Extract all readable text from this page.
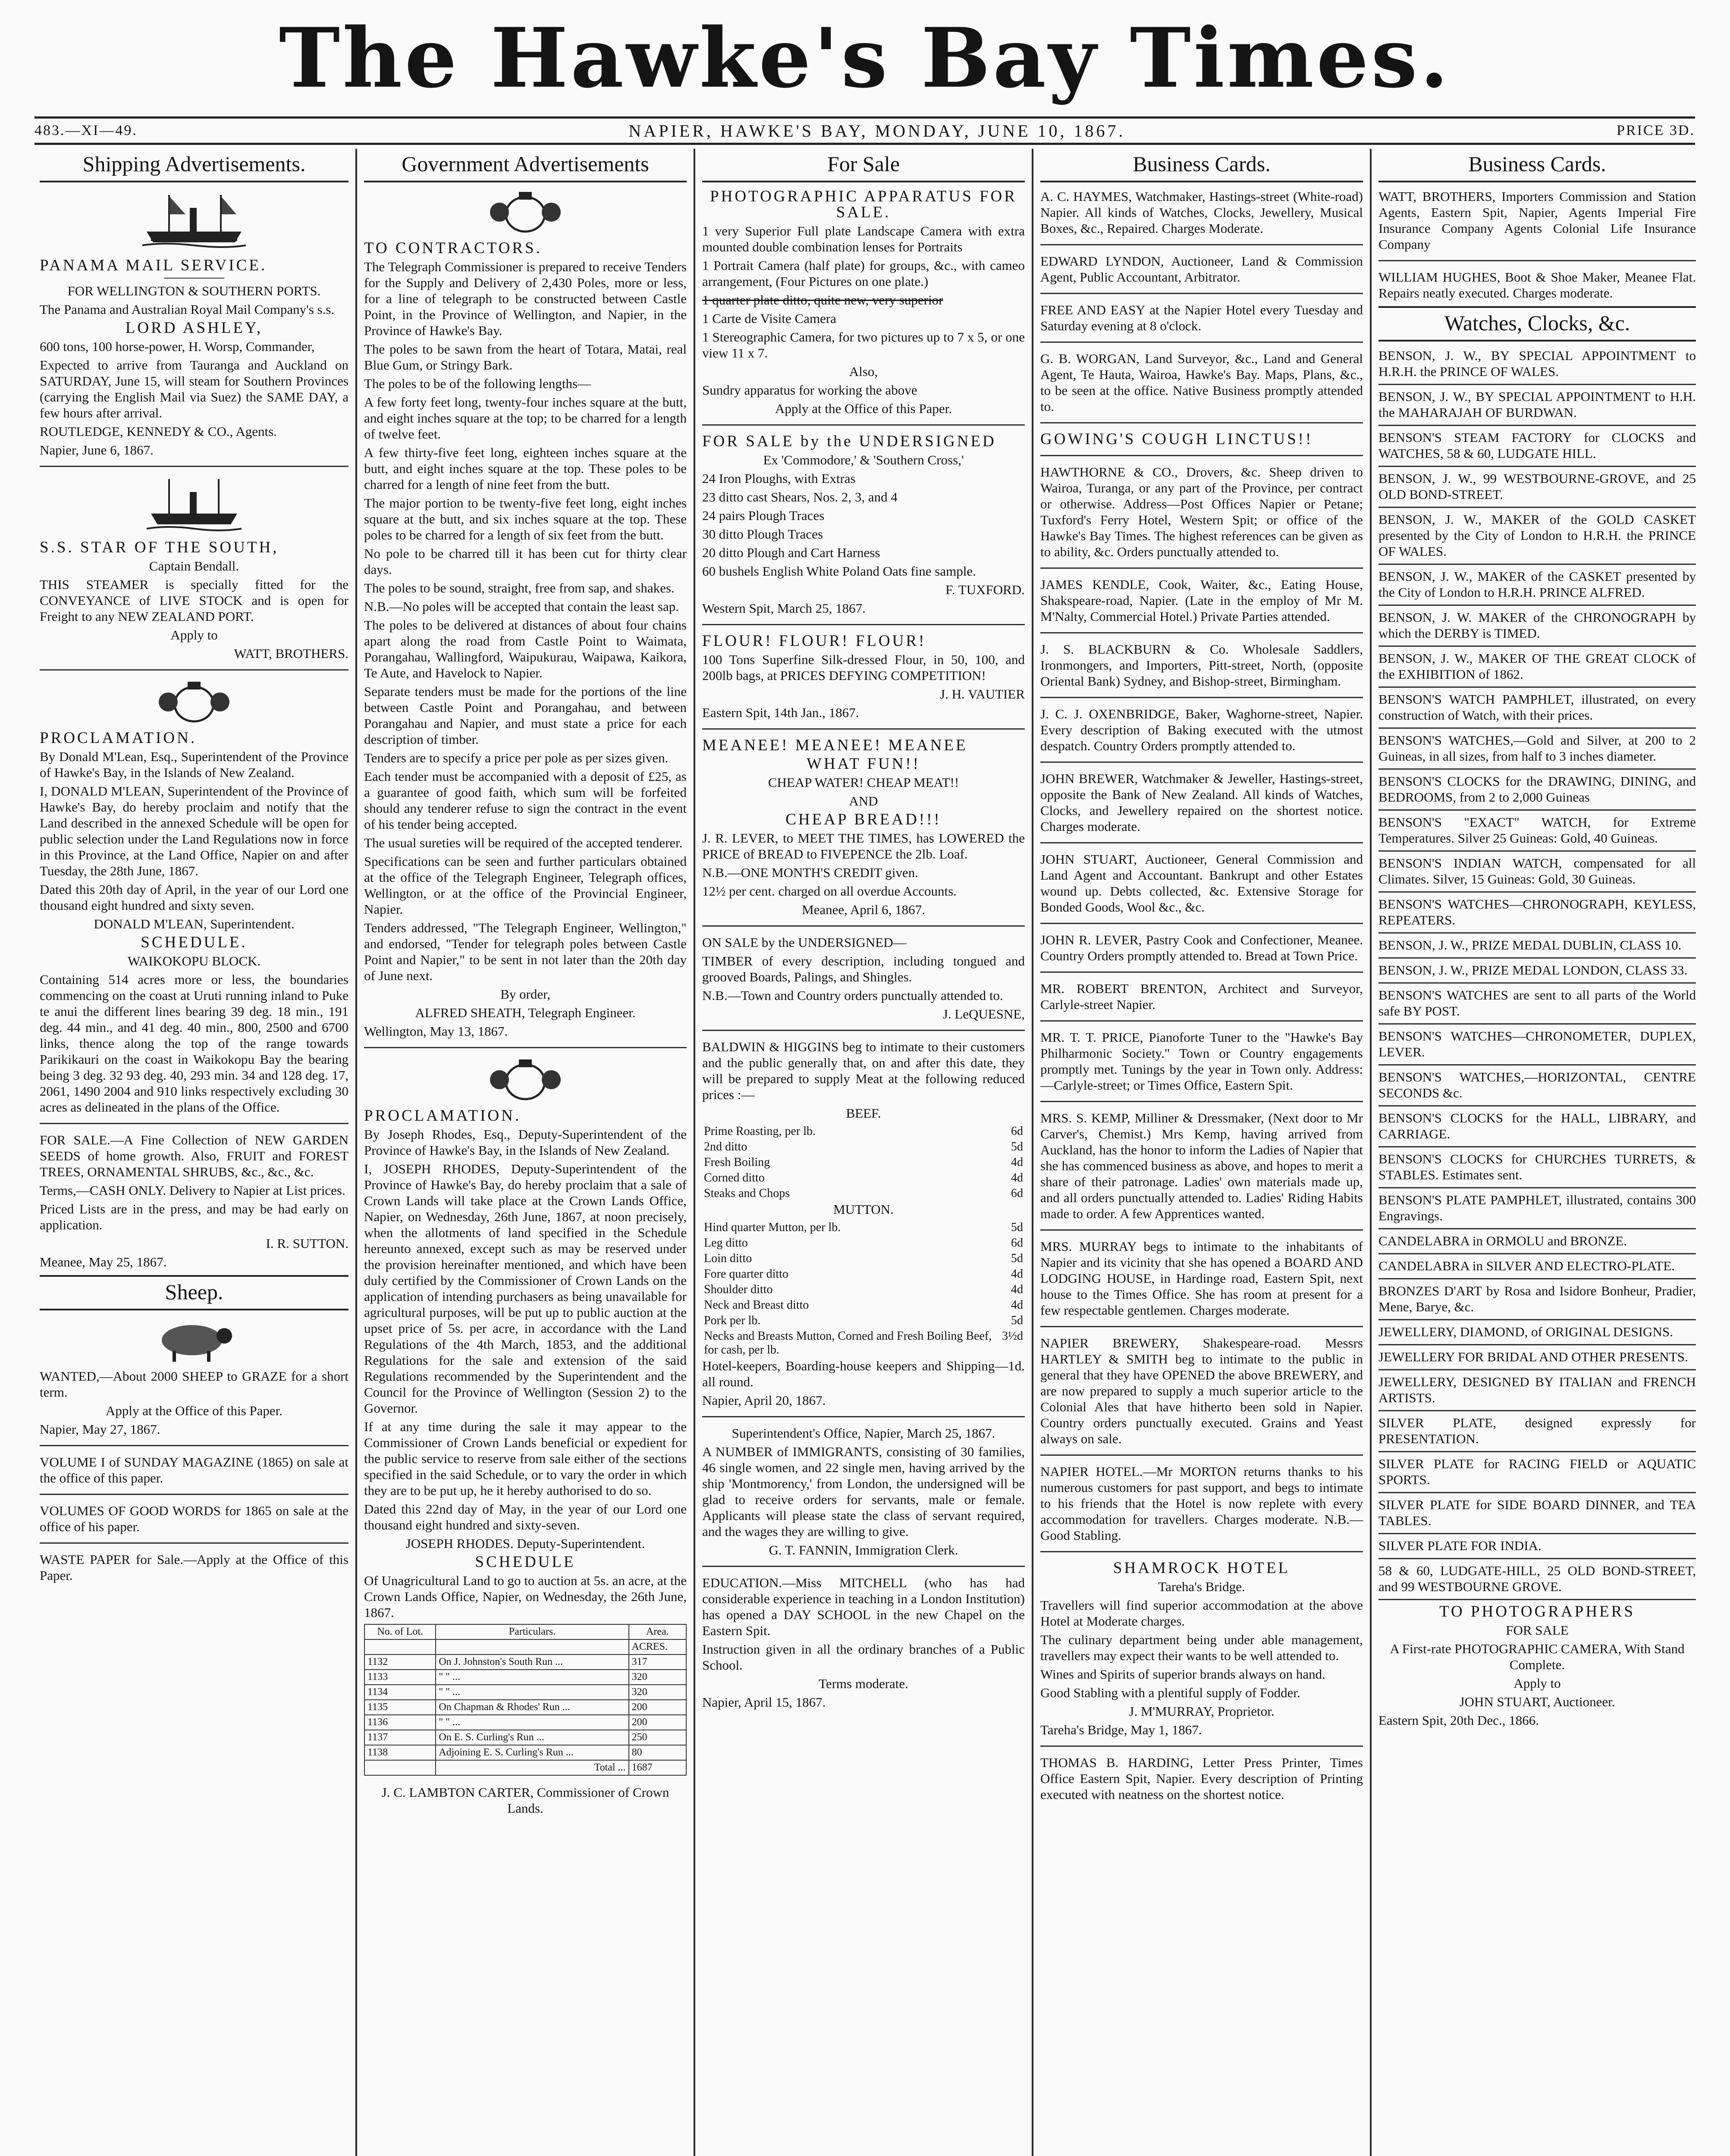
The Hawke's Bay Times.
483.—XI—49.	NAPIER, HAWKE'S BAY, MONDAY, JUNE 10, 1867.	PRICE 3D.
Shipping Advertisements.

PANAMA MAIL SERVICE.

FOR WELLINGTON & SOUTHERN PORTS.

The Panama and Australian Royal Mail Company's s.s.

LORD ASHLEY,

600 tons, 100 horse-power, H. Worsp, Commander,

Expected to arrive from Tauranga and Auckland on SATURDAY, June 15, will steam for Southern Provinces (carrying the English Mail via Suez) the SAME DAY, a few hours after arrival.

ROUTLEDGE, KENNEDY & CO., Agents.

Napier, June 6, 1867.

S.S. STAR OF THE SOUTH,

Captain Bendall.

THIS STEAMER is specially fitted for the CONVEYANCE of LIVE STOCK and is open for Freight to any NEW ZEALAND PORT.

Apply to

WATT, BROTHERS.

PROCLAMATION.

By Donald M'Lean, Esq., Superintendent of the Province of Hawke's Bay, in the Islands of New Zealand.

I, DONALD M'LEAN, Superintendent of the Province of Hawke's Bay, do hereby proclaim and notify that the Land described in the annexed Schedule will be open for public selection under the Land Regulations now in force in this Province, at the Land Office, Napier on and after Tuesday, the 28th June, 1867.

Dated this 20th day of April, in the year of our Lord one thousand eight hundred and sixty seven.

DONALD M'LEAN, Superintendent.

SCHEDULE.

WAIKOKOPU BLOCK.

Containing 514 acres more or less, the boundaries commencing on the coast at Uruti running inland to Puke te anui the different lines bearing 39 deg. 18 min., 191 deg. 44 min., and 41 deg. 40 min., 800, 2500 and 6700 links, thence along the top of the range towards Parikikauri on the coast in Waikokopu Bay the bearing being 3 deg. 32 93 deg. 40, 293 min. 34 and 128 deg. 17, 2061, 1490 2004 and 910 links respectively excluding 30 acres as delineated in the plans of the Office.

FOR SALE.—A Fine Collection of NEW GARDEN SEEDS of home growth. Also, FRUIT and FOREST TREES, ORNAMENTAL SHRUBS, &c., &c., &c.

Terms,—CASH ONLY. Delivery to Napier at List prices.

Priced Lists are in the press, and may be had early on application.

I. R. SUTTON.

Meanee, May 25, 1867.

Sheep.

WANTED,—About 2000 SHEEP to GRAZE for a short term.

Apply at the Office of this Paper.

Napier, May 27, 1867.

VOLUME I of SUNDAY MAGAZINE (1865) on sale at the office of this paper.

VOLUMES OF GOOD WORDS for 1865 on sale at the office of his paper.

WASTE PAPER for Sale.—Apply at the Office of this Paper.

Government Advertisements

TO CONTRACTORS.

The Telegraph Commissioner is prepared to receive Tenders for the Supply and Delivery of 2,430 Poles, more or less, for a line of telegraph to be constructed between Castle Point, in the Province of Wellington, and Napier, in the Province of Hawke's Bay.

The poles to be sawn from the heart of Totara, Matai, real Blue Gum, or Stringy Bark.

The poles to be of the following lengths—

A few forty feet long, twenty-four inches square at the butt, and eight inches square at the top; to be charred for a length of twelve feet.

A few thirty-five feet long, eighteen inches square at the butt, and eight inches square at the top. These poles to be charred for a length of nine feet from the butt.

The major portion to be twenty-five feet long, eight inches square at the butt, and six inches square at the top. These poles to be charred for a length of six feet from the butt.

No pole to be charred till it has been cut for thirty clear days.

The poles to be sound, straight, free from sap, and shakes.

N.B.—No poles will be accepted that contain the least sap.

The poles to be delivered at distances of about four chains apart along the road from Castle Point to Waimata, Porangahau, Wallingford, Waipukurau, Waipawa, Kaikora, Te Aute, and Havelock to Napier.

Separate tenders must be made for the portions of the line between Castle Point and Porangahau, and between Porangahau and Napier, and must state a price for each description of timber.

Tenders are to specify a price per pole as per sizes given.

Each tender must be accompanied with a deposit of £25, as a guarantee of good faith, which sum will be forfeited should any tenderer refuse to sign the contract in the event of his tender being accepted.

The usual sureties will be required of the accepted tenderer.

Specifications can be seen and further particulars obtained at the office of the Telegraph Engineer, Telegraph offices, Wellington, or at the office of the Provincial Engineer, Napier.

Tenders addressed, "The Telegraph Engineer, Wellington," and endorsed, "Tender for telegraph poles between Castle Point and Napier," to be sent in not later than the 20th day of June next.

By order,

ALFRED SHEATH, Telegraph Engineer.

Wellington, May 13, 1867.

PROCLAMATION.

By Joseph Rhodes, Esq., Deputy-Superintendent of the Province of Hawke's Bay, in the Islands of New Zealand.

I, JOSEPH RHODES, Deputy-Superintendent of the Province of Hawke's Bay, do hereby proclaim that a sale of Crown Lands will take place at the Crown Lands Office, Napier, on Wednesday, 26th June, 1867, at noon precisely, when the allotments of land specified in the Schedule hereunto annexed, except such as may be reserved under the provision hereinafter mentioned, and which have been duly certified by the Commissioner of Crown Lands on the application of intending purchasers as being unavailable for agricultural purposes, will be put up to public auction at the upset price of 5s. per acre, in accordance with the Land Regulations of the 4th March, 1853, and the additional Regulations for the sale and extension of the said Regulations recommended by the Superintendent and the Council for the Province of Wellington (Session 2) to the Governor.

If at any time during the sale it may appear to the Commissioner of Crown Lands beneficial or expedient for the public service to reserve from sale either of the sections specified in the said Schedule, or to vary the order in which they are to be put up, he it hereby authorised to do so.

Dated this 22nd day of May, in the year of our Lord one thousand eight hundred and sixty-seven.

JOSEPH RHODES. Deputy-Superintendent.

SCHEDULE

Of Unagricultural Land to go to auction at 5s. an acre, at the Crown Lands Office, Napier, on Wednesday, the 26th June, 1867.

No. of Lot.	Particulars.	Area.
		ACRES.
1132	On J. Johnston's South Run ...	317
1133	" " ...	320
1134	" " ...	320
1135	On Chapman & Rhodes' Run ...	200
1136	" " ...	200
1137	On E. S. Curling's Run ...	250
1138	Adjoining E. S. Curling's Run ...	80
	Total ...	1687

J. C. LAMBTON CARTER, Commissioner of Crown Lands.

For Sale

PHOTOGRAPHIC APPARATUS FOR SALE.

1 very Superior Full plate Landscape Camera with extra mounted double combination lenses for Portraits

1 Portrait Camera (half plate) for groups, &c., with cameo arrangement, (Four Pictures on one plate.)

1 quarter plate ditto, quite new, very superior

1 Carte de Visite Camera

1 Stereographic Camera, for two pictures up to 7 x 5, or one view 11 x 7.

Also,

Sundry apparatus for working the above

Apply at the Office of this Paper.

FOR SALE by the UNDERSIGNED

Ex 'Commodore,' & 'Southern Cross,'

24 Iron Ploughs, with Extras

23 ditto cast Shears, Nos. 2, 3, and 4

24 pairs Plough Traces

30 ditto Plough Traces

20 ditto Plough and Cart Harness

60 bushels English White Poland Oats fine sample.

F. TUXFORD.

Western Spit, March 25, 1867.

FLOUR! FLOUR! FLOUR!

100 Tons Superfine Silk-dressed Flour, in 50, 100, and 200lb bags, at PRICES DEFYING COMPETITION!

J. H. VAUTIER

Eastern Spit, 14th Jan., 1867.

MEANEE! MEANEE! MEANEE

WHAT FUN!!

CHEAP WATER! CHEAP MEAT!!

AND

CHEAP BREAD!!!

J. R. LEVER, to MEET THE TIMES, has LOWERED the PRICE of BREAD to FIVEPENCE the 2lb. Loaf.

N.B.—ONE MONTH'S CREDIT given.

12½ per cent. charged on all overdue Accounts.

Meanee, April 6, 1867.

ON SALE by the UNDERSIGNED—

TIMBER of every description, including tongued and grooved Boards, Palings, and Shingles.

N.B.—Town and Country orders punctually attended to.

J. LeQUESNE,

BALDWIN & HIGGINS beg to intimate to their customers and the public generally that, on and after this date, they will be prepared to supply Meat at the following reduced prices :—

BEEF.

Prime Roasting, per lb.	6d
2nd ditto	5d
Fresh Boiling	4d
Corned ditto	4d
Steaks and Chops	6d

MUTTON.

Hind quarter Mutton, per lb.	5d
Leg ditto	6d
Loin ditto	5d
Fore quarter ditto	4d
Shoulder ditto	4d
Neck and Breast ditto	4d
Pork per lb.	5d
Necks and Breasts Mutton, Corned and Fresh Boiling Beef, for cash, per lb.	3½d

Hotel-keepers, Boarding-house keepers and Shipping—1d. all round.

Napier, April 20, 1867.

Superintendent's Office, Napier, March 25, 1867.

A NUMBER of IMMIGRANTS, consisting of 30 families, 46 single women, and 22 single men, having arrived by the ship 'Montmorency,' from London, the undersigned will be glad to receive orders for servants, male or female. Applicants will please state the class of servant required, and the wages they are willing to give.

G. T. FANNIN, Immigration Clerk.

EDUCATION.—Miss MITCHELL (who has had considerable experience in teaching in a London Institution) has opened a DAY SCHOOL in the new Chapel on the Eastern Spit.

Instruction given in all the ordinary branches of a Public School.

Terms moderate.

Napier, April 15, 1867.

Business Cards.

A. C. HAYMES, Watchmaker, Hastings-street (White-road) Napier. All kinds of Watches, Clocks, Jewellery, Musical Boxes, &c., Repaired. Charges Moderate.

EDWARD LYNDON, Auctioneer, Land & Commission Agent, Public Accountant, Arbitrator.

FREE AND EASY at the Napier Hotel every Tuesday and Saturday evening at 8 o'clock.

G. B. WORGAN, Land Surveyor, &c., Land and General Agent, Te Hauta, Wairoa, Hawke's Bay. Maps, Plans, &c., to be seen at the office. Native Business promptly attended to.

GOWING'S COUGH LINCTUS!!

HAWTHORNE & CO., Drovers, &c. Sheep driven to Wairoa, Turanga, or any part of the Province, per contract or otherwise. Address—Post Offices Napier or Petane; Tuxford's Ferry Hotel, Western Spit; or office of the Hawke's Bay Times. The highest references can be given as to ability, &c. Orders punctually attended to.

JAMES KENDLE, Cook, Waiter, &c., Eating House, Shakspeare-road, Napier. (Late in the employ of Mr M. M'Nalty, Commercial Hotel.) Private Parties attended.

J. S. BLACKBURN & Co. Wholesale Saddlers, Ironmongers, and Importers, Pitt-street, North, (opposite Oriental Bank) Sydney, and Bishop-street, Birmingham.

J. C. J. OXENBRIDGE, Baker, Waghorne-street, Napier. Every description of Baking executed with the utmost despatch. Country Orders promptly attended to.

JOHN BREWER, Watchmaker & Jeweller, Hastings-street, opposite the Bank of New Zealand. All kinds of Watches, Clocks, and Jewellery repaired on the shortest notice. Charges moderate.

JOHN STUART, Auctioneer, General Commission and Land Agent and Accountant. Bankrupt and other Estates wound up. Debts collected, &c. Extensive Storage for Bonded Goods, Wool &c., &c.

JOHN R. LEVER, Pastry Cook and Confectioner, Meanee. Country Orders promptly attended to. Bread at Town Price.

MR. ROBERT BRENTON, Architect and Surveyor, Carlyle-street Napier.

MR. T. T. PRICE, Pianoforte Tuner to the "Hawke's Bay Philharmonic Society." Town or Country engagements promptly met. Tunings by the year in Town only. Address:—Carlyle-street; or Times Office, Eastern Spit.

MRS. S. KEMP, Milliner & Dressmaker, (Next door to Mr Carver's, Chemist.) Mrs Kemp, having arrived from Auckland, has the honor to inform the Ladies of Napier that she has commenced business as above, and hopes to merit a share of their patronage. Ladies' own materials made up, and all orders punctually attended to. Ladies' Riding Habits made to order. A few Apprentices wanted.

MRS. MURRAY begs to intimate to the inhabitants of Napier and its vicinity that she has opened a BOARD AND LODGING HOUSE, in Hardinge road, Eastern Spit, next house to the Times Office. She has room at present for a few respectable gentlemen. Charges moderate.

NAPIER BREWERY, Shakespeare-road. Messrs HARTLEY & SMITH beg to intimate to the public in general that they have OPENED the above BREWERY, and are now prepared to supply a much superior article to the Colonial Ales that have hitherto been sold in Napier. Country orders punctually executed. Grains and Yeast always on sale.

NAPIER HOTEL.—Mr MORTON returns thanks to his numerous customers for past support, and begs to intimate to his friends that the Hotel is now replete with every accommodation for travellers. Charges moderate. N.B.—Good Stabling.

SHAMROCK HOTEL

Tareha's Bridge.

Travellers will find superior accommodation at the above Hotel at Moderate charges.

The culinary department being under able management, travellers may expect their wants to be well attended to.

Wines and Spirits of superior brands always on hand.

Good Stabling with a plentiful supply of Fodder.

J. M'MURRAY, Proprietor.

Tareha's Bridge, May 1, 1867.

THOMAS B. HARDING, Letter Press Printer, Times Office Eastern Spit, Napier. Every description of Printing executed with neatness on the shortest notice.

Business Cards.

WATT, BROTHERS, Importers Commission and Station Agents, Eastern Spit, Napier, Agents Imperial Fire Insurance Company Agents Colonial Life Insurance Company

WILLIAM HUGHES, Boot & Shoe Maker, Meanee Flat. Repairs neatly executed. Charges moderate.

Watches, Clocks, &c.

BENSON, J. W., BY SPECIAL APPOINTMENT to H.R.H. the PRINCE OF WALES.

BENSON, J. W., BY SPECIAL APPOINTMENT to H.H. the MAHARAJAH OF BURDWAN.

BENSON'S STEAM FACTORY for CLOCKS and WATCHES, 58 & 60, LUDGATE HILL.

BENSON, J. W., 99 WESTBOURNE-GROVE, and 25 OLD BOND-STREET.

BENSON, J. W., MAKER of the GOLD CASKET presented by the City of London to H.R.H. the PRINCE OF WALES.

BENSON, J. W., MAKER of the CASKET presented by the City of London to H.R.H. PRINCE ALFRED.

BENSON, J. W. MAKER of the CHRONOGRAPH by which the DERBY is TIMED.

BENSON, J. W., MAKER OF THE GREAT CLOCK of the EXHIBITION of 1862.

BENSON'S WATCH PAMPHLET, illustrated, on every construction of Watch, with their prices.

BENSON'S WATCHES,—Gold and Silver, at 200 to 2 Guineas, in all sizes, from half to 3 inches diameter.

BENSON'S CLOCKS for the DRAWING, DINING, and BEDROOMS, from 2 to 2,000 Guineas

BENSON'S "EXACT" WATCH, for Extreme Temperatures. Silver 25 Guineas: Gold, 40 Guineas.

BENSON'S INDIAN WATCH, compensated for all Climates. Silver, 15 Guineas: Gold, 30 Guineas.

BENSON'S WATCHES—CHRONOGRAPH, KEYLESS, REPEATERS.

BENSON, J. W., PRIZE MEDAL DUBLIN, CLASS 10.

BENSON, J. W., PRIZE MEDAL LONDON, CLASS 33.

BENSON'S WATCHES are sent to all parts of the World safe BY POST.

BENSON'S WATCHES—CHRONOMETER, DUPLEX, LEVER.

BENSON'S WATCHES,—HORIZONTAL, CENTRE SECONDS &c.

BENSON'S CLOCKS for the HALL, LIBRARY, and CARRIAGE.

BENSON'S CLOCKS for CHURCHES TURRETS, & STABLES. Estimates sent.

BENSON'S PLATE PAMPHLET, illustrated, contains 300 Engravings.

CANDELABRA in ORMOLU and BRONZE.

CANDELABRA in SILVER AND ELECTRO-PLATE.

BRONZES D'ART by Rosa and Isidore Bonheur, Pradier, Mene, Barye, &c.

JEWELLERY, DIAMOND, of ORIGINAL DESIGNS.

JEWELLERY FOR BRIDAL AND OTHER PRESENTS.

JEWELLERY, DESIGNED BY ITALIAN and FRENCH ARTISTS.

SILVER PLATE, designed expressly for PRESENTATION.

SILVER PLATE for RACING FIELD or AQUATIC SPORTS.

SILVER PLATE for SIDE BOARD DINNER, and TEA TABLES.

SILVER PLATE FOR INDIA.

58 & 60, LUDGATE-HILL, 25 OLD BOND-STREET, and 99 WESTBOURNE GROVE.

TO PHOTOGRAPHERS

FOR SALE

A First-rate PHOTOGRAPHIC CAMERA, With Stand Complete.

Apply to

JOHN STUART, Auctioneer.

Eastern Spit, 20th Dec., 1866.
